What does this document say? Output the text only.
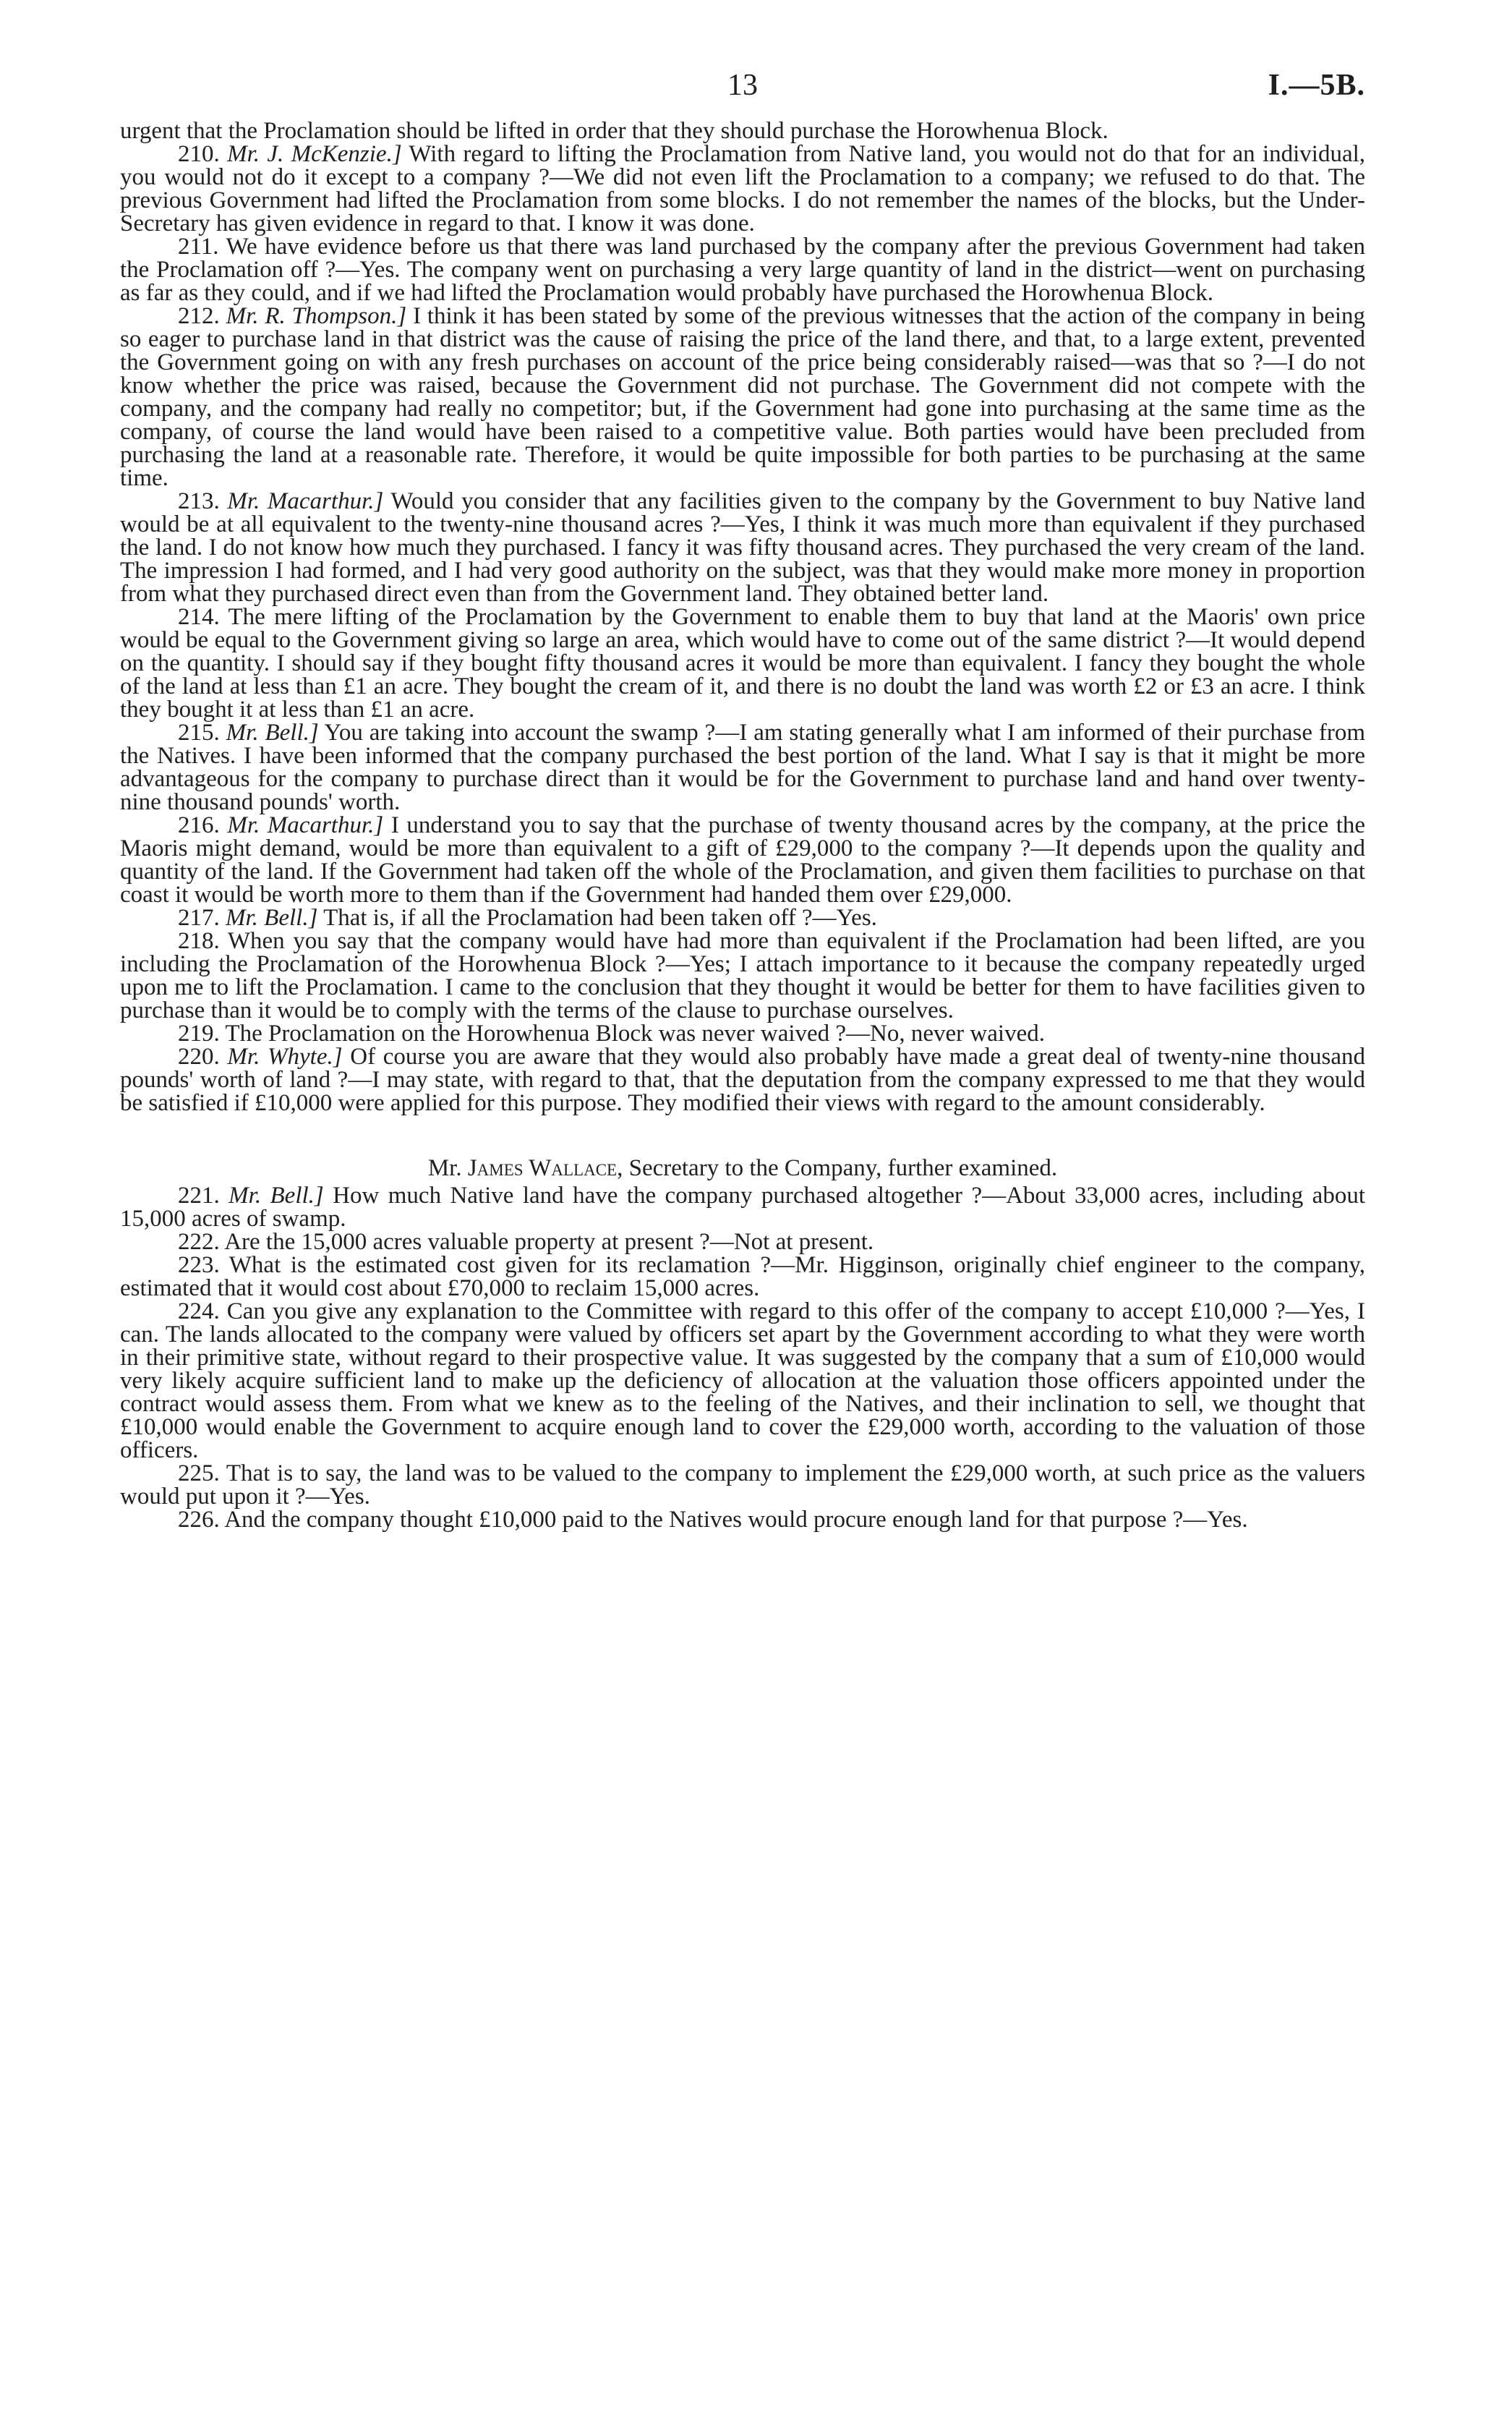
13	I.—5B.

urgent that the Proclamation should be lifted in order that they should purchase the Horowhenua Block.

210. Mr. J. McKenzie.] With regard to lifting the Proclamation from Native land, you would not do that for an individual, you would not do it except to a company ?—We did not even lift the Proclamation to a company; we refused to do that. The previous Government had lifted the Proclamation from some blocks. I do not remember the names of the blocks, but the Under-Secretary has given evidence in regard to that. I know it was done.

211. We have evidence before us that there was land purchased by the company after the previous Government had taken the Proclamation off ?—Yes. The company went on purchasing a very large quantity of land in the district—went on purchasing as far as they could, and if we had lifted the Proclamation would probably have purchased the Horowhenua Block.

212. Mr. R. Thompson.] I think it has been stated by some of the previous witnesses that the action of the company in being so eager to purchase land in that district was the cause of raising the price of the land there, and that, to a large extent, prevented the Government going on with any fresh purchases on account of the price being considerably raised—was that so ?—I do not know whether the price was raised, because the Government did not purchase. The Government did not compete with the company, and the company had really no competitor; but, if the Government had gone into purchasing at the same time as the company, of course the land would have been raised to a competitive value. Both parties would have been precluded from purchasing the land at a reasonable rate. Therefore, it would be quite impossible for both parties to be purchasing at the same time.

213. Mr. Macarthur.] Would you consider that any facilities given to the company by the Government to buy Native land would be at all equivalent to the twenty-nine thousand acres ?—Yes, I think it was much more than equivalent if they purchased the land. I do not know how much they purchased. I fancy it was fifty thousand acres. They purchased the very cream of the land. The impression I had formed, and I had very good authority on the subject, was that they would make more money in proportion from what they purchased direct even than from the Government land. They obtained better land.

214. The mere lifting of the Proclamation by the Government to enable them to buy that land at the Maoris' own price would be equal to the Government giving so large an area, which would have to come out of the same district ?—It would depend on the quantity. I should say if they bought fifty thousand acres it would be more than equivalent. I fancy they bought the whole of the land at less than £1 an acre. They bought the cream of it, and there is no doubt the land was worth £2 or £3 an acre. I think they bought it at less than £1 an acre.

215. Mr. Bell.] You are taking into account the swamp ?—I am stating generally what I am informed of their purchase from the Natives. I have been informed that the company purchased the best portion of the land. What I say is that it might be more advantageous for the company to purchase direct than it would be for the Government to purchase land and hand over twenty-nine thousand pounds' worth.

216. Mr. Macarthur.] I understand you to say that the purchase of twenty thousand acres by the company, at the price the Maoris might demand, would be more than equivalent to a gift of £29,000 to the company ?—It depends upon the quality and quantity of the land. If the Government had taken off the whole of the Proclamation, and given them facilities to purchase on that coast it would be worth more to them than if the Government had handed them over £29,000.

217. Mr. Bell.] That is, if all the Proclamation had been taken off ?—Yes.

218. When you say that the company would have had more than equivalent if the Proclamation had been lifted, are you including the Proclamation of the Horowhenua Block ?—Yes; I attach importance to it because the company repeatedly urged upon me to lift the Proclamation. I came to the conclusion that they thought it would be better for them to have facilities given to purchase than it would be to comply with the terms of the clause to purchase ourselves.

219. The Proclamation on the Horowhenua Block was never waived ?—No, never waived.

220. Mr. Whyte.] Of course you are aware that they would also probably have made a great deal of twenty-nine thousand pounds' worth of land ?—I may state, with regard to that, that the deputation from the company expressed to me that they would be satisfied if £10,000 were applied for this purpose. They modified their views with regard to the amount considerably.

Mr. James Wallace, Secretary to the Company, further examined.

221. Mr. Bell.] How much Native land have the company purchased altogether ?—About 33,000 acres, including about 15,000 acres of swamp.

222. Are the 15,000 acres valuable property at present ?—Not at present.

223. What is the estimated cost given for its reclamation ?—Mr. Higginson, originally chief engineer to the company, estimated that it would cost about £70,000 to reclaim 15,000 acres.

224. Can you give any explanation to the Committee with regard to this offer of the company to accept £10,000 ?—Yes, I can. The lands allocated to the company were valued by officers set apart by the Government according to what they were worth in their primitive state, without regard to their prospective value. It was suggested by the company that a sum of £10,000 would very likely acquire sufficient land to make up the deficiency of allocation at the valuation those officers appointed under the contract would assess them. From what we knew as to the feeling of the Natives, and their inclination to sell, we thought that £10,000 would enable the Government to acquire enough land to cover the £29,000 worth, according to the valuation of those officers.

225. That is to say, the land was to be valued to the company to implement the £29,000 worth, at such price as the valuers would put upon it ?—Yes.

226. And the company thought £10,000 paid to the Natives would procure enough land for that purpose ?—Yes.
